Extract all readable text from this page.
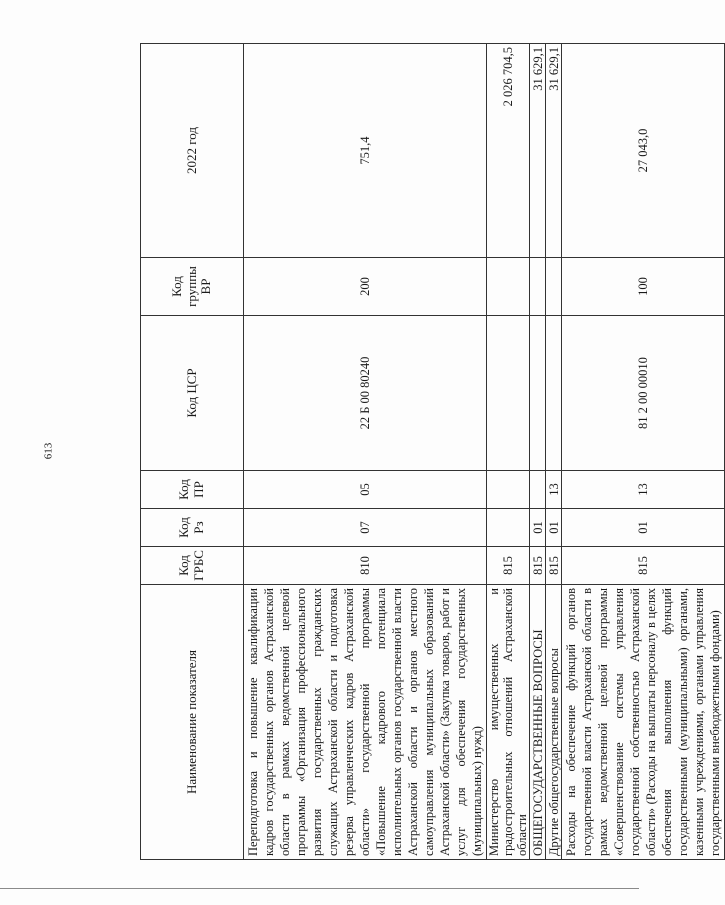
613
Наименование показателя	Код ГРБС	Код Рз	Код ПР	Код ЦСР	Код группы ВР	2022 год
Переподготовка и повышение квалификации кадров государственных органов Астраханской области в рамках ведомственной целевой программы «Организация профессионального развития государственных гражданских служащих Астраханской области и подготовка резерва управленческих кадров Астраханской области» государственной программы «Повышение кадрового потенциала исполнительных органов государственной власти Астраханской области и органов местного самоуправления муниципальных образований Астраханской области» (Закупка товаров, работ и услуг для обеспечения государственных (муниципальных) нужд)	810	07	05	22 Б 00 80240	200	751,4
Министерство имущественных и градостроительных отношений Астраханской области	815					2 026 704,5
ОБЩЕГОСУДАРСТВЕННЫЕ ВОПРОСЫ	815	01				31 629,1
Другие общегосударственные вопросы	815	01	13			31 629,1
Расходы на обеспечение функций органов государственной власти Астраханской области в рамках ведомственной целевой программы «Совершенствование системы управления государственной собственностью Астраханской области» (Расходы на выплаты персоналу в целях обеспечения выполнения функций государственными (муниципальными) органами, казенными учреждениями, органами управления государственными внебюджетными фондами)	815	01	13	81 2 00 00010	100	27 043,0
